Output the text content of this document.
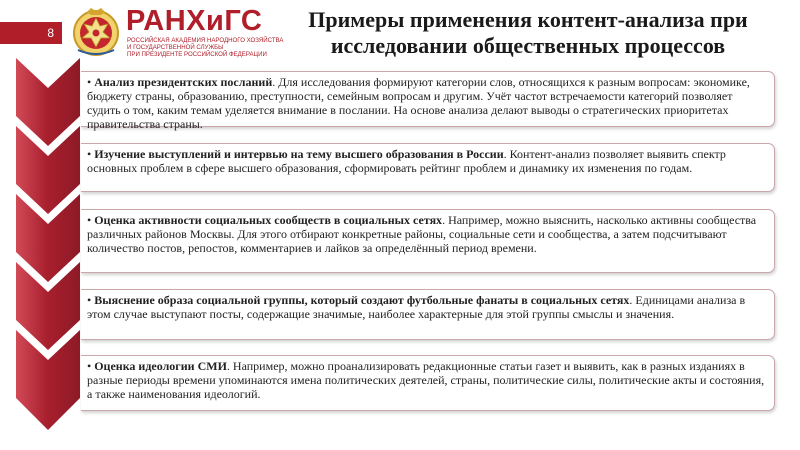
8 РАНХиГС
РОССИЙСКАЯ АКАДЕМИЯ НАРОДНОГО ХОЗЯЙСТВА
И ГОСУДАРСТВЕННОЙ СЛУЖБЫ
ПРИ ПРЕЗИДЕНТЕ РОССИЙСКОЙ ФЕДЕРАЦИИ
Примеры применения контент-анализа при исследовании общественных процессов
• Анализ президентских посланий. Для исследования формируют категории слов, относящихся к разным вопросам: экономике, бюджету страны, образованию, преступности, семейным вопросам и другим. Учёт частот встречаемости категорий позволяет судить о том, каким темам уделяется внимание в послании. На основе анализа делают выводы о стратегических приоритетах правительства страны.
• Изучение выступлений и интервью на тему высшего образования в России. Контент-анализ позволяет выявить спектр основных проблем в сфере высшего образования, сформировать рейтинг проблем и динамику их изменения по годам.
• Оценка активности социальных сообществ в социальных сетях. Например, можно выяснить, насколько активны сообщества различных районов Москвы. Для этого отбирают конкретные районы, социальные сети и сообщества, а затем подсчитывают количество постов, репостов, комментариев и лайков за определённый период времени.
• Выяснение образа социальной группы, который создают футбольные фанаты в социальных сетях. Единицами анализа в этом случае выступают посты, содержащие значимые, наиболее характерные для этой группы смыслы и значения.
• Оценка идеологии СМИ. Например, можно проанализировать редакционные статьи газет и выявить, как в разных изданиях в разные периоды времени упоминаются имена политических деятелей, страны, политические силы, политические акты и состояния, а также наименования идеологий.
